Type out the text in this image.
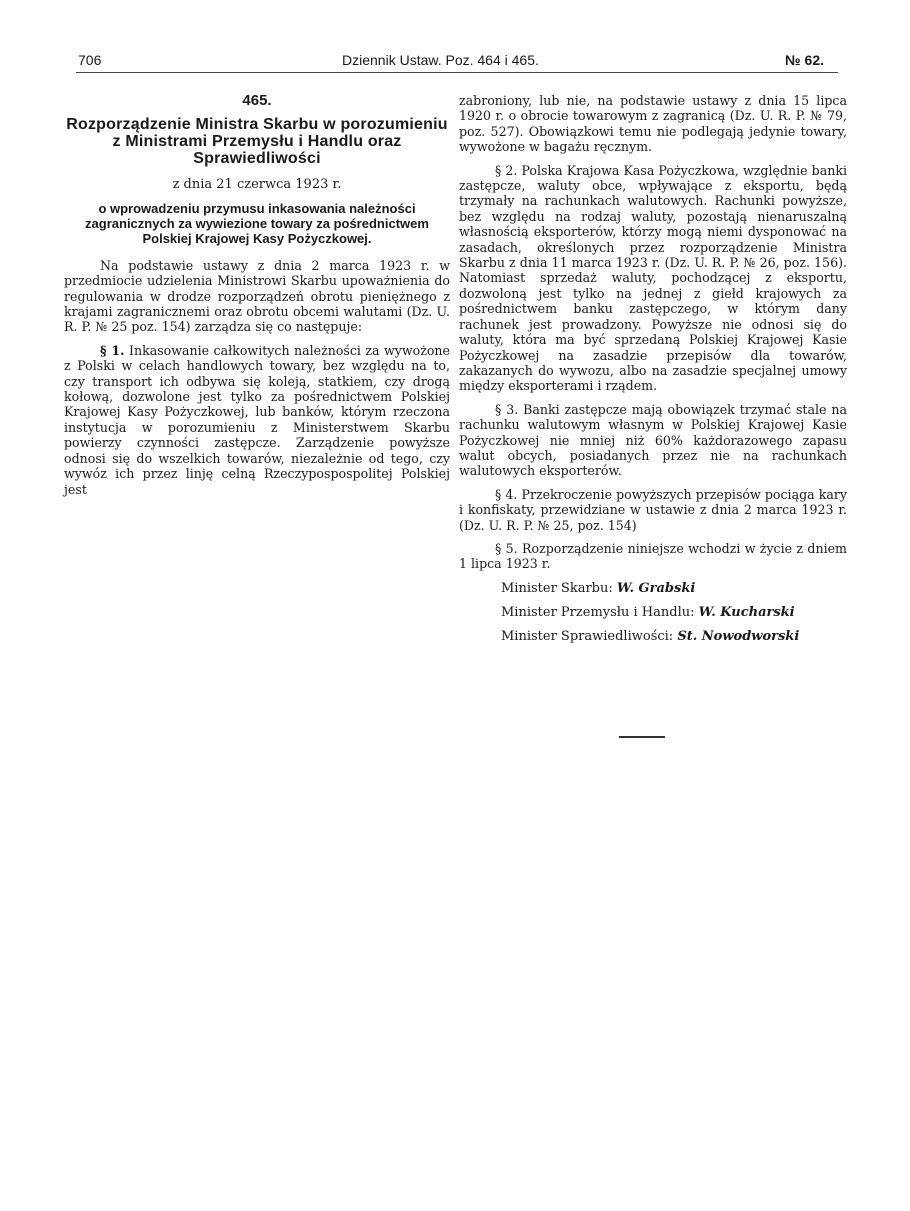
706	Dziennik Ustaw. Poz. 464 i 465.	№ 62.

465.

Rozporządzenie Ministra Skarbu w porozumieniu z Ministrami Przemysłu i Handlu oraz Sprawiedliwości

z dnia 21 czerwca 1923 r.

o wprowadzeniu przymusu inkasowania należności zagranicznych za wywiezione towary za pośrednictwem Polskiej Krajowej Kasy Pożyczkowej.

Na podstawie ustawy z dnia 2 marca 1923 r. w przedmiocie udzielenia Ministrowi Skarbu upoważnienia do regulowania w drodze rozporządzeń obrotu pieniężnego z krajami zagranicznemi oraz obrotu obcemi walutami (Dz. U. R. P. № 25 poz. 154) zarządza się co następuje:

§ 1. Inkasowanie całkowitych należności za wywożone z Polski w celach handlowych towary, bez względu na to, czy transport ich odbywa się koleją, statkiem, czy drogą kołową, dozwolone jest tylko za pośrednictwem Polskiej Krajowej Kasy Pożyczkowej, lub banków, którym rzeczona instytucja w porozumieniu z Ministerstwem Skarbu powierzy czynności zastępcze. Zarządzenie powyższe odnosi się do wszelkich towarów, niezależnie od tego, czy wywóz ich przez linję celną Rzeczypospospolitej Polskiej jest

zabroniony, lub nie, na podstawie ustawy z dnia 15 lipca 1920 r. o obrocie towarowym z zagranicą (Dz. U. R. P. № 79, poz. 527). Obowiązkowi temu nie podlegają jedynie towary, wywożone w bagażu ręcznym.

§ 2. Polska Krajowa Kasa Pożyczkowa, względnie banki zastępcze, waluty obce, wpływające z eksportu, będą trzymały na rachunkach walutowych. Rachunki powyższe, bez względu na rodzaj waluty, pozostają nienaruszalną własnością eksporterów, którzy mogą niemi dysponować na zasadach, określonych przez rozporządzenie Ministra Skarbu z dnia 11 marca 1923 r. (Dz. U. R. P. № 26, poz. 156). Natomiast sprzedaż waluty, pochodzącej z eksportu, dozwoloną jest tylko na jednej z giełd krajowych za pośrednictwem banku zastępczego, w którym dany rachunek jest prowadzony. Powyższe nie odnosi się do waluty, która ma być sprzedaną Polskiej Krajowej Kasie Pożyczkowej na zasadzie przepisów dla towarów, zakazanych do wywozu, albo na zasadzie specjalnej umowy między eksporterami i rządem.

§ 3. Banki zastępcze mają obowiązek trzymać stale na rachunku walutowym własnym w Polskiej Krajowej Kasie Pożyczkowej nie mniej niż 60% każdorazowego zapasu walut obcych, posiadanych przez nie na rachunkach walutowych eksporterów.

§ 4. Przekroczenie powyższych przepisów pociąga kary i konfiskaty, przewidziane w ustawie z dnia 2 marca 1923 r. (Dz. U. R. P. № 25, poz. 154)

§ 5. Rozporządzenie niniejsze wchodzi w życie z dniem 1 lipca 1923 r.

Minister Skarbu: W. Grabski

Minister Przemysłu i Handlu: W. Kucharski

Minister Sprawiedliwości: St. Nowodworski
